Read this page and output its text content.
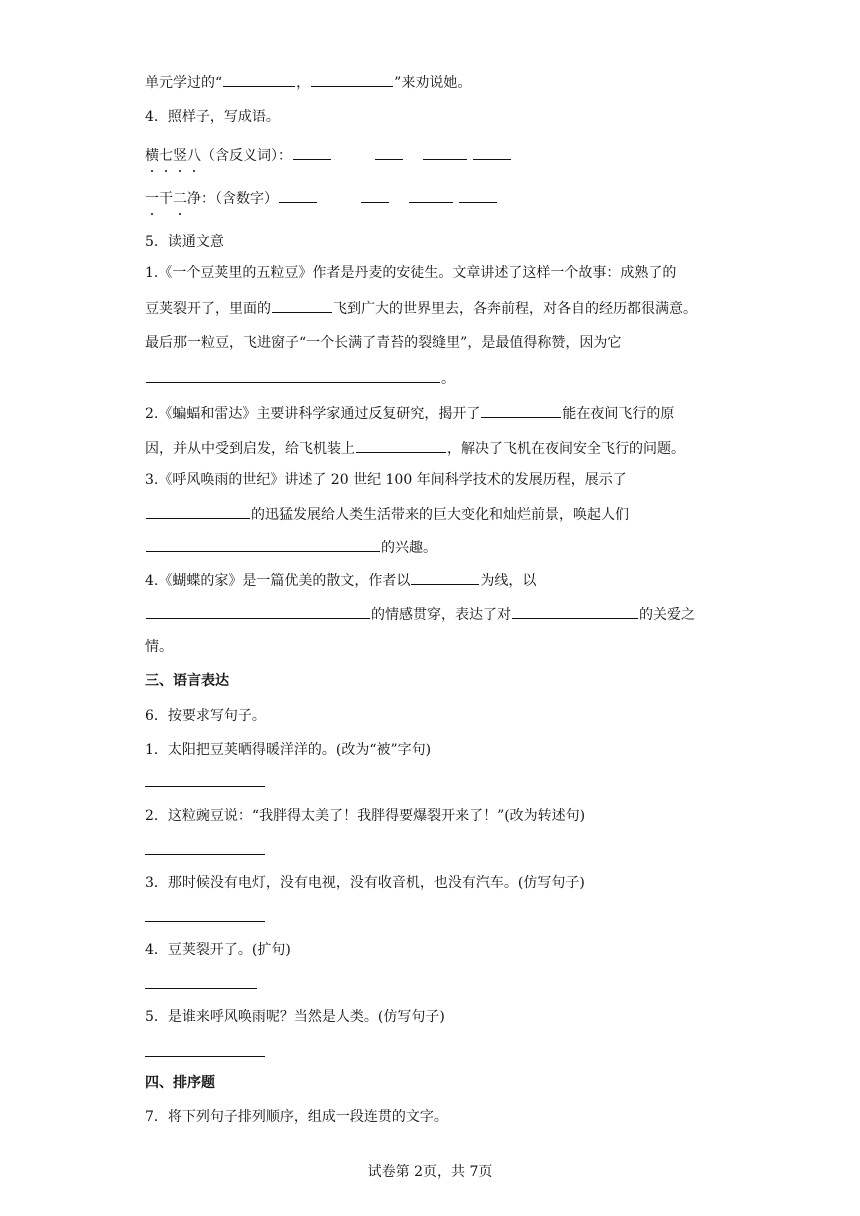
单元学过的“	，	”来劝说她。
4．照样子，写成语。
横七竖八（含反义词）：
一干二净：（含数字）
5．读通文意
1.《一个豆荚里的五粒豆》作者是丹麦的安徒生。文章讲述了这样一个故事：成熟了的
豆荚裂开了，里面的	飞到广大的世界里去，各奔前程，对各自的经历都很满意。
最后那一粒豆，飞进窗子“一个长满了青苔的裂缝里”，是最值得称赞，因为它
。
2.《蝙蝠和雷达》主要讲科学家通过反复研究，揭开了	能在夜间飞行的原
因，并从中受到启发，给飞机装上	，解决了飞机在夜间安全飞行的问题。
3.《呼风唤雨的世纪》讲述了 20 世纪 100 年间科学技术的发展历程，展示了
的迅猛发展给人类生活带来的巨大变化和灿烂前景，唤起人们
的兴趣。
4.《蝴蝶的家》是一篇优美的散文，作者以	为线，以
的情感贯穿，表达了对	的关爱之
情。
三、语言表达
6．按要求写句子。
1．太阳把豆荚晒得暖洋洋的。(改为“被”字句)
2．这粒豌豆说：“我胖得太美了！我胖得要爆裂开来了！”(改为转述句)
3．那时候没有电灯，没有电视，没有收音机，也没有汽车。(仿写句子)
4．豆荚裂开了。(扩句)
5．是谁来呼风唤雨呢？当然是人类。(仿写句子)
四、排序题
7．将下列句子排列顺序，组成一段连贯的文字。
试卷第 2页，共 7页
